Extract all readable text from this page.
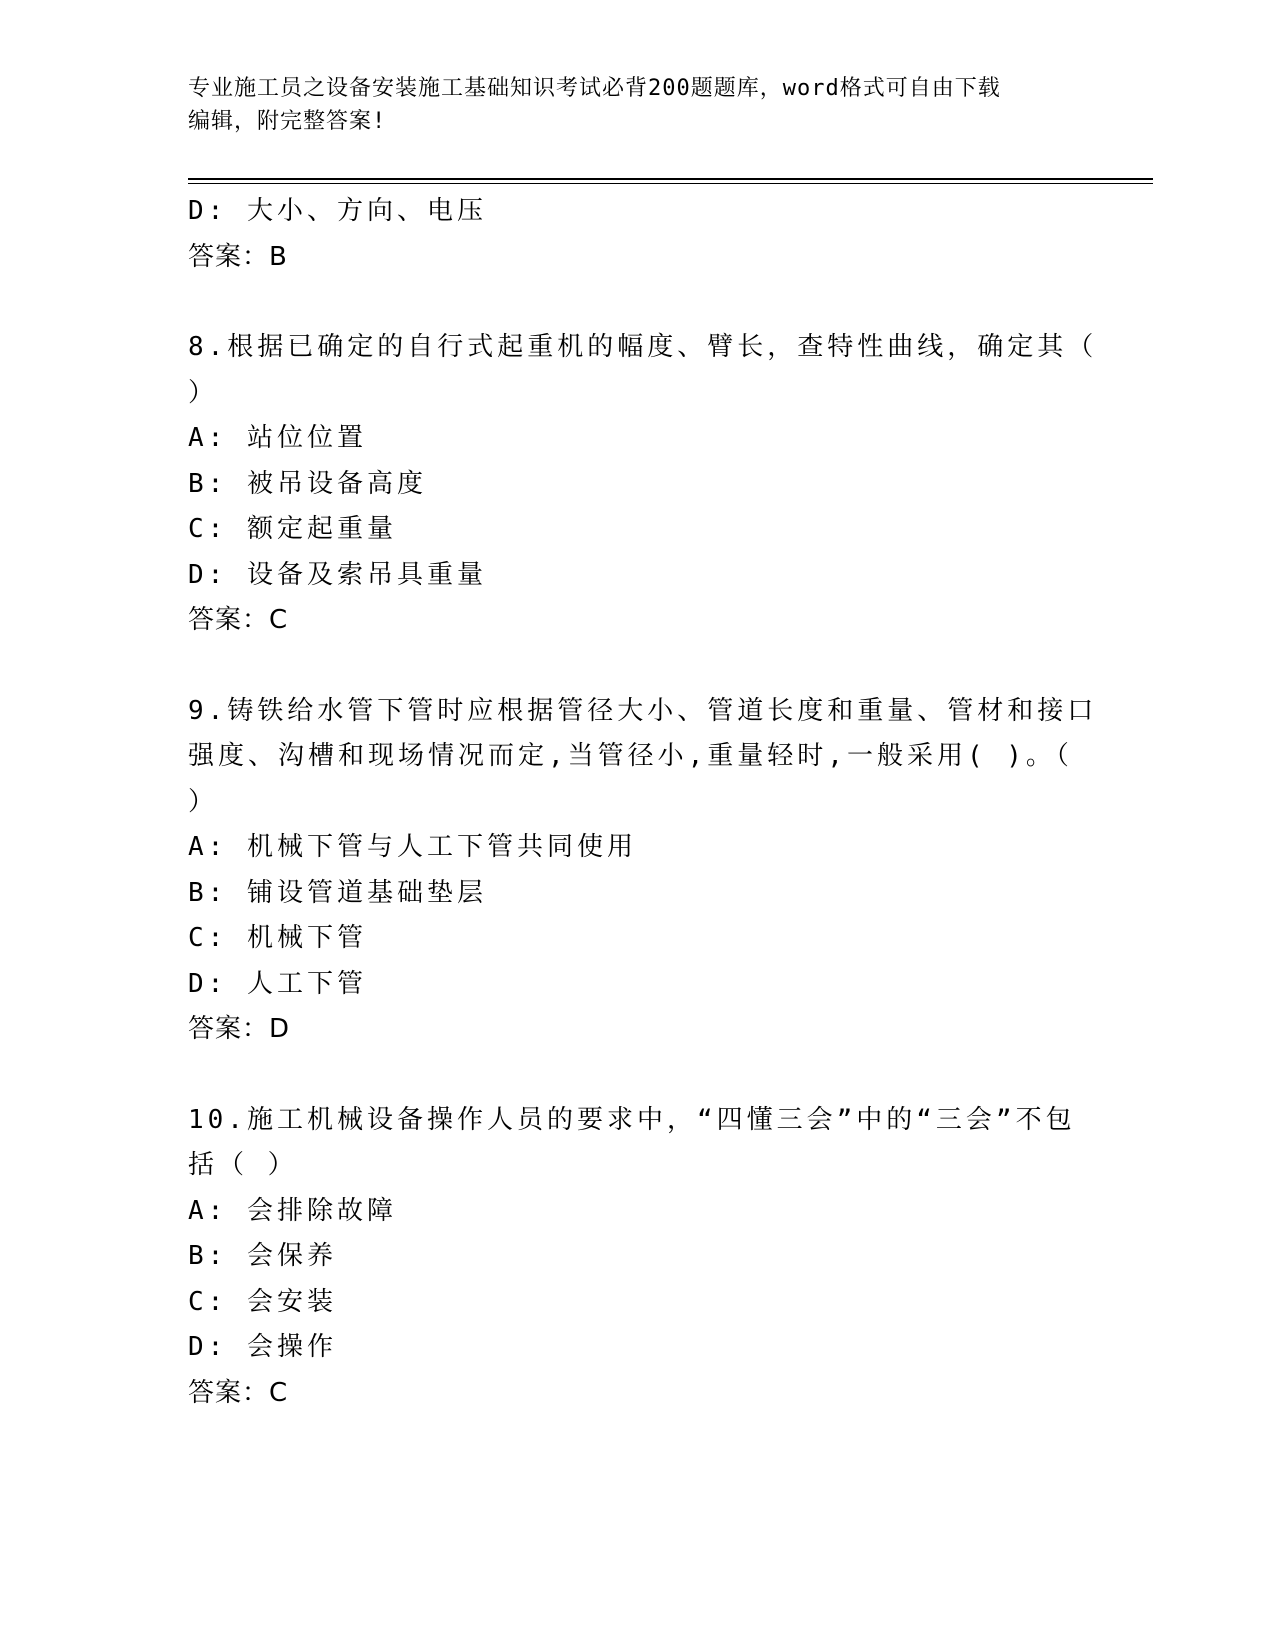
专业施工员之设备安装施工基础知识考试必背200题题库，word格式可自由下载
编辑，附完整答案!
D: 大小、方向、电压
答案：B
8.根据已确定的自行式起重机的幅度、臂长，查特性曲线，确定其（
）
A: 站位位置
B: 被吊设备高度
C: 额定起重量
D: 设备及索吊具重量
答案：C
9.铸铁给水管下管时应根据管径大小、管道长度和重量、管材和接口
强度、沟槽和现场情况而定,当管径小,重量轻时,一般采用( )。（
）
A: 机械下管与人工下管共同使用
B: 铺设管道基础垫层
C: 机械下管
D: 人工下管
答案：D
10.施工机械设备操作人员的要求中，“四懂三会”中的“三会”不包
括（ ）
A: 会排除故障
B: 会保养
C: 会安装
D: 会操作
答案：C
